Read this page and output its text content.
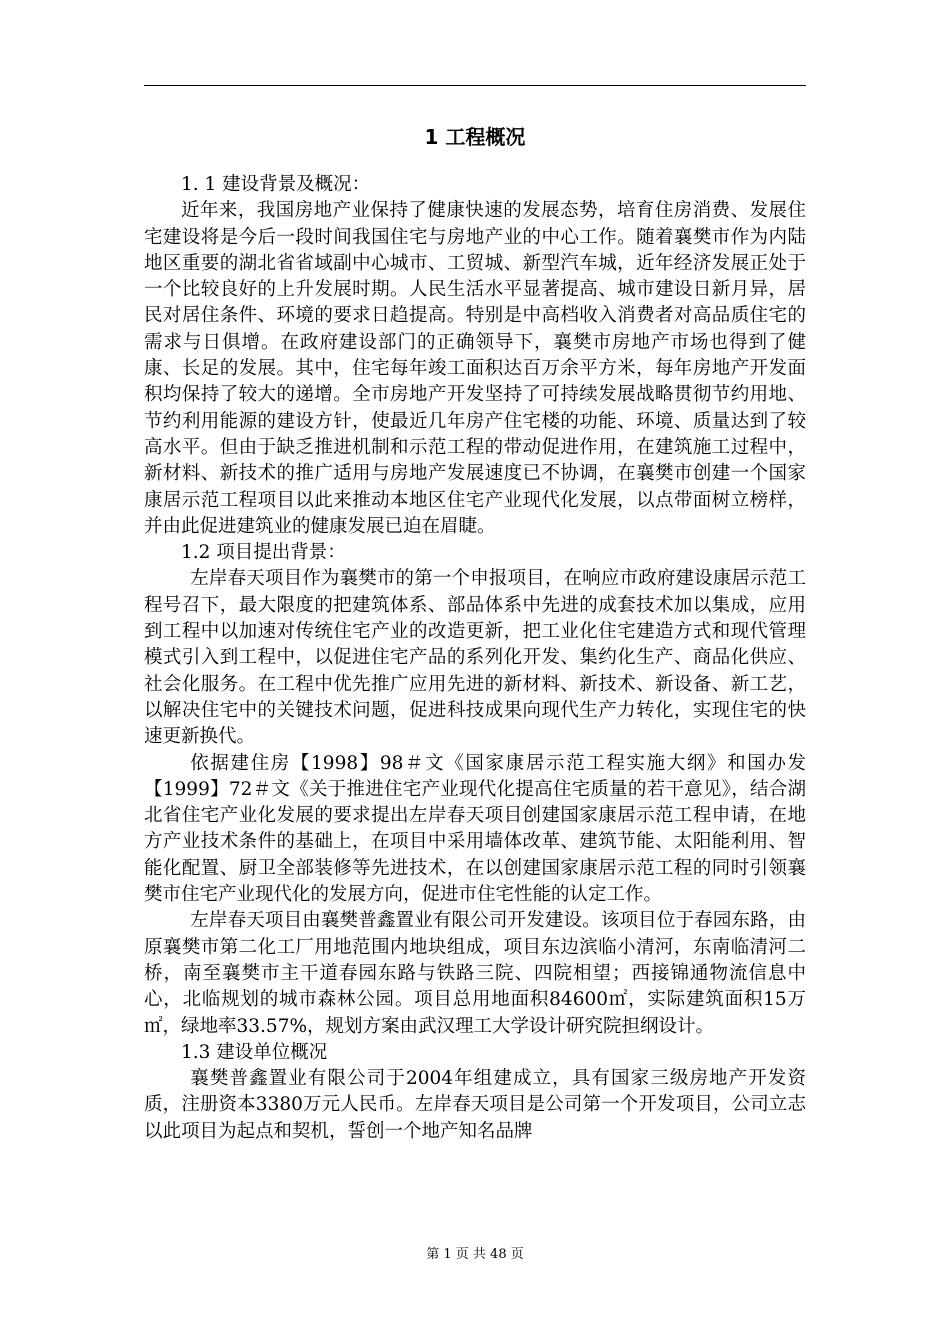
1 工程概况

1. 1 建设背景及概况：

近年来，我国房地产业保持了健康快速的发展态势，培育住房消费、发展住宅建设将是今后一段时间我国住宅与房地产业的中心工作。随着襄樊市作为内陆地区重要的湖北省省域副中心城市、工贸城、新型汽车城，近年经济发展正处于一个比较良好的上升发展时期。人民生活水平显著提高、城市建设日新月异，居民对居住条件、环境的要求日趋提高。特别是中高档收入消费者对高品质住宅的需求与日俱增。在政府建设部门的正确领导下，襄樊市房地产市场也得到了健康、长足的发展。其中，住宅每年竣工面积达百万余平方米，每年房地产开发面积均保持了较大的递增。全市房地产开发坚持了可持续发展战略贯彻节约用地、节约利用能源的建设方针，使最近几年房产住宅楼的功能、环境、质量达到了较高水平。但由于缺乏推进机制和示范工程的带动促进作用，在建筑施工过程中，新材料、新技术的推广适用与房地产发展速度已不协调，在襄樊市创建一个国家康居示范工程项目以此来推动本地区住宅产业现代化发展，以点带面树立榜样，并由此促进建筑业的健康发展已迫在眉睫。

1.2 项目提出背景：

左岸春天项目作为襄樊市的第一个申报项目，在响应市政府建设康居示范工程号召下，最大限度的把建筑体系、部品体系中先进的成套技术加以集成，应用到工程中以加速对传统住宅产业的改造更新，把工业化住宅建造方式和现代管理模式引入到工程中，以促进住宅产品的系列化开发、集约化生产、商品化供应、社会化服务。在工程中优先推广应用先进的新材料、新技术、新设备、新工艺，以解决住宅中的关键技术问题，促进科技成果向现代生产力转化，实现住宅的快速更新换代。

依据建住房【1998】98＃文《国家康居示范工程实施大纲》和国办发【1999】72＃文《关于推进住宅产业现代化提高住宅质量的若干意见》，结合湖北省住宅产业化发展的要求提出左岸春天项目创建国家康居示范工程申请，在地方产业技术条件的基础上，在项目中采用墙体改革、建筑节能、太阳能利用、智能化配置、厨卫全部装修等先进技术，在以创建国家康居示范工程的同时引领襄樊市住宅产业现代化的发展方向，促进市住宅性能的认定工作。

左岸春天项目由襄樊普鑫置业有限公司开发建设。该项目位于春园东路，由原襄樊市第二化工厂用地范围内地块组成，项目东边滨临小清河，东南临清河二桥，南至襄樊市主干道春园东路与铁路三院、四院相望；西接锦通物流信息中心，北临规划的城市森林公园。项目总用地面积84600㎡，实际建筑面积15万㎡，绿地率33.57%，规划方案由武汉理工大学设计研究院担纲设计。

1.3 建设单位概况

襄樊普鑫置业有限公司于2004年组建成立，具有国家三级房地产开发资质，注册资本3380万元人民币。左岸春天项目是公司第一个开发项目，公司立志以此项目为起点和契机，誓创一个地产知名品牌

第 1 页 共 48 页
